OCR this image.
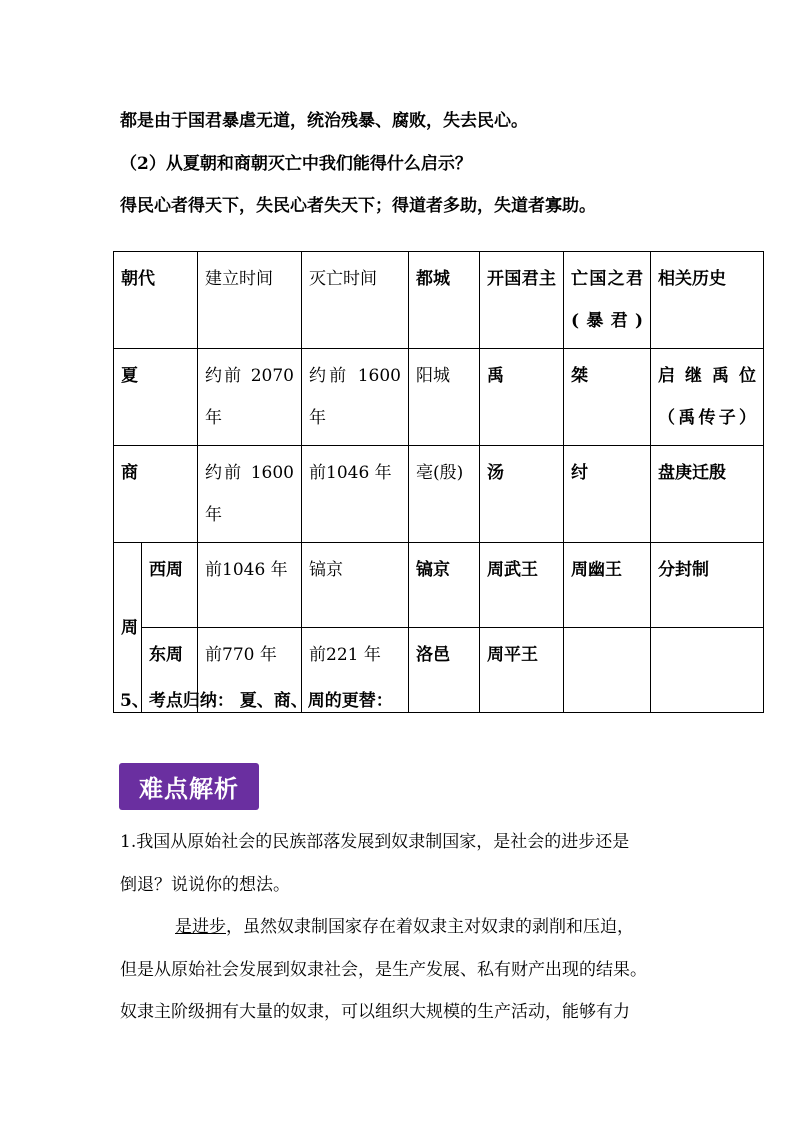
都是由于国君暴虐无道，统治残暴、腐败，失去民心。
（2）从夏朝和商朝灭亡中我们能得什么启示？
得民心者得天下，失民心者失天下；得道者多助，失道者寡助。
朝代		建立时间	灭亡时间	都城	开国君主	亡国之君(暴君)	相关历史
夏		约前 2070 年	约前 1600 年	阳城	禹	桀	启继禹位（禹传子）
商		约前 1600 年	前1046 年	亳(殷)	汤	纣	盘庚迁殷
周	西周	前1046 年	镐京	镐京	周武王	周幽王	分封制
	东周	前770 年	前221 年	洛邑	周平王		
5、考点归纳： 夏、商、周的更替：
难点解析
1.我国从原始社会的民族部落发展到奴隶制国家，是社会的进步还是
倒退？说说你的想法。
是进步，虽然奴隶制国家存在着奴隶主对奴隶的剥削和压迫，
但是从原始社会发展到奴隶社会，是生产发展、私有财产出现的结果。
奴隶主阶级拥有大量的奴隶，可以组织大规模的生产活动，能够有力
